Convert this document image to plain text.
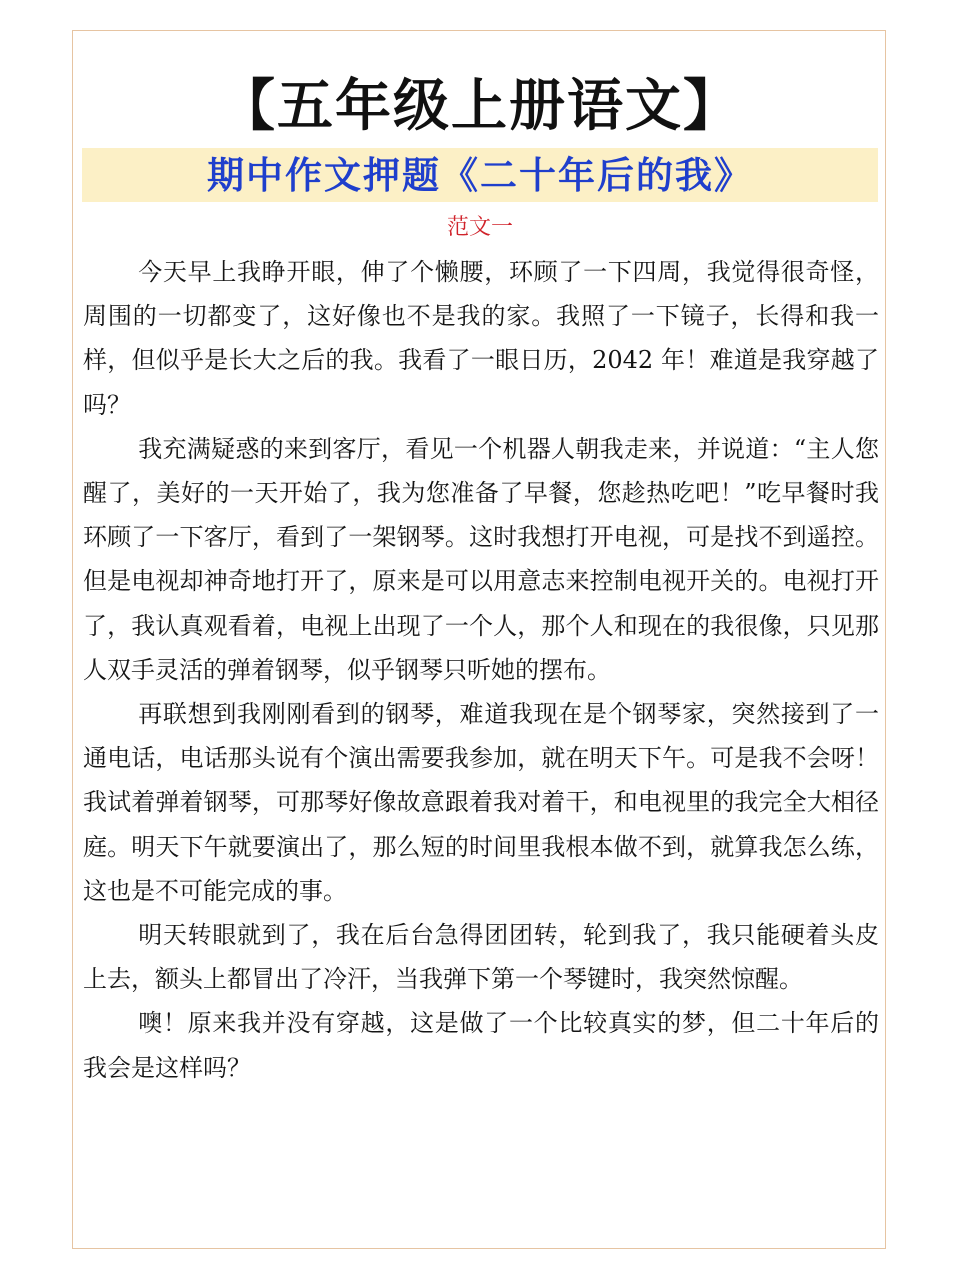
【五年级上册语文】
期中作文押题《二十年后的我》
范文一

今天早上我睁开眼，伸了个懒腰，环顾了一下四周，我觉得很奇怪，周围的一切都变了，这好像也不是我的家。我照了一下镜子，长得和我一样，但似乎是长大之后的我。我看了一眼日历，2042 年！难道是我穿越了吗？

我充满疑惑的来到客厅，看见一个机器人朝我走来，并说道：“主人您醒了，美好的一天开始了，我为您准备了早餐，您趁热吃吧！”吃早餐时我环顾了一下客厅，看到了一架钢琴。这时我想打开电视，可是找不到遥控。但是电视却神奇地打开了，原来是可以用意志来控制电视开关的。电视打开了，我认真观看着，电视上出现了一个人，那个人和现在的我很像，只见那人双手灵活的弹着钢琴，似乎钢琴只听她的摆布。

再联想到我刚刚看到的钢琴，难道我现在是个钢琴家，突然接到了一通电话，电话那头说有个演出需要我参加，就在明天下午。可是我不会呀！我试着弹着钢琴，可那琴好像故意跟着我对着干，和电视里的我完全大相径庭。明天下午就要演出了，那么短的时间里我根本做不到，就算我怎么练，这也是不可能完成的事。

明天转眼就到了，我在后台急得团团转，轮到我了，我只能硬着头皮上去，额头上都冒出了冷汗，当我弹下第一个琴键时，我突然惊醒。

噢！原来我并没有穿越，这是做了一个比较真实的梦，但二十年后的我会是这样吗？
